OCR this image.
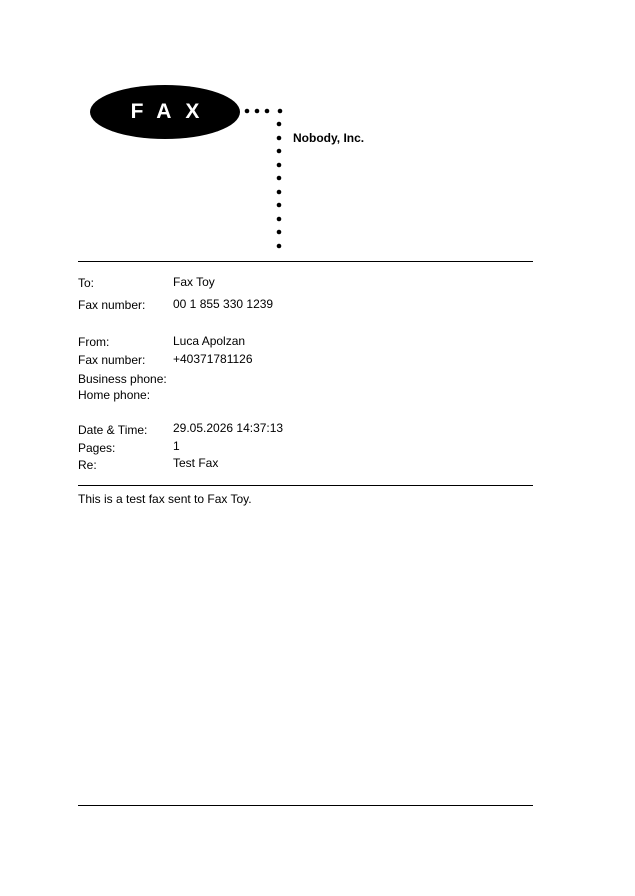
FAX
Nobody, Inc.
To:	Fax Toy
Fax number: 00 1 855 330 1239
From:	Luca Apolzan
Fax number: +40371781126
Business phone:
Home phone:
Date & Time: 29.05.2026 14:37:13
Pages:	1
Re:	Test Fax
This is a test fax sent to Fax Toy.
